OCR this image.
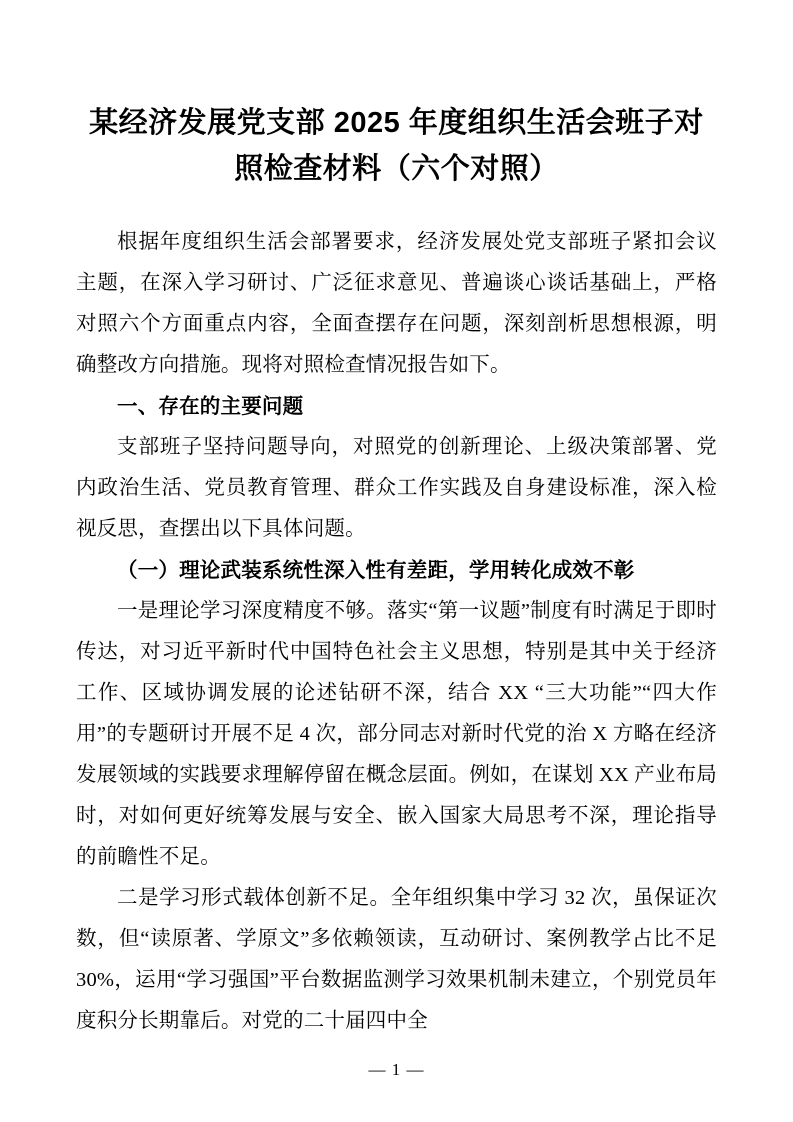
某经济发展党支部 2025 年度组织生活会班子对照检查材料（六个对照）

根据年度组织生活会部署要求，经济发展处党支部班子紧扣会议主题，在深入学习研讨、广泛征求意见、普遍谈心谈话基础上，严格对照六个方面重点内容，全面查摆存在问题，深刻剖析思想根源，明确整改方向措施。现将对照检查情况报告如下。

一、存在的主要问题

支部班子坚持问题导向，对照党的创新理论、上级决策部署、党内政治生活、党员教育管理、群众工作实践及自身建设标准，深入检视反思，查摆出以下具体问题。

（一）理论武装系统性深入性有差距，学用转化成效不彰

一是理论学习深度精度不够。落实“第一议题”制度有时满足于即时传达，对习近平新时代中国特色社会主义思想，特别是其中关于经济工作、区域协调发展的论述钻研不深，结合 XX “三大功能”“四大作用”的专题研讨开展不足 4 次，部分同志对新时代党的治 X 方略在经济发展领域的实践要求理解停留在概念层面。例如，在谋划 XX 产业布局时，对如何更好统筹发展与安全、嵌入国家大局思考不深，理论指导的前瞻性不足。

二是学习形式载体创新不足。全年组织集中学习 32 次，虽保证次数，但“读原著、学原文”多依赖领读，互动研讨、案例教学占比不足 30%，运用“学习强国”平台数据监测学习效果机制未建立，个别党员年度积分长期靠后。对党的二十届四中全

— 1 —
